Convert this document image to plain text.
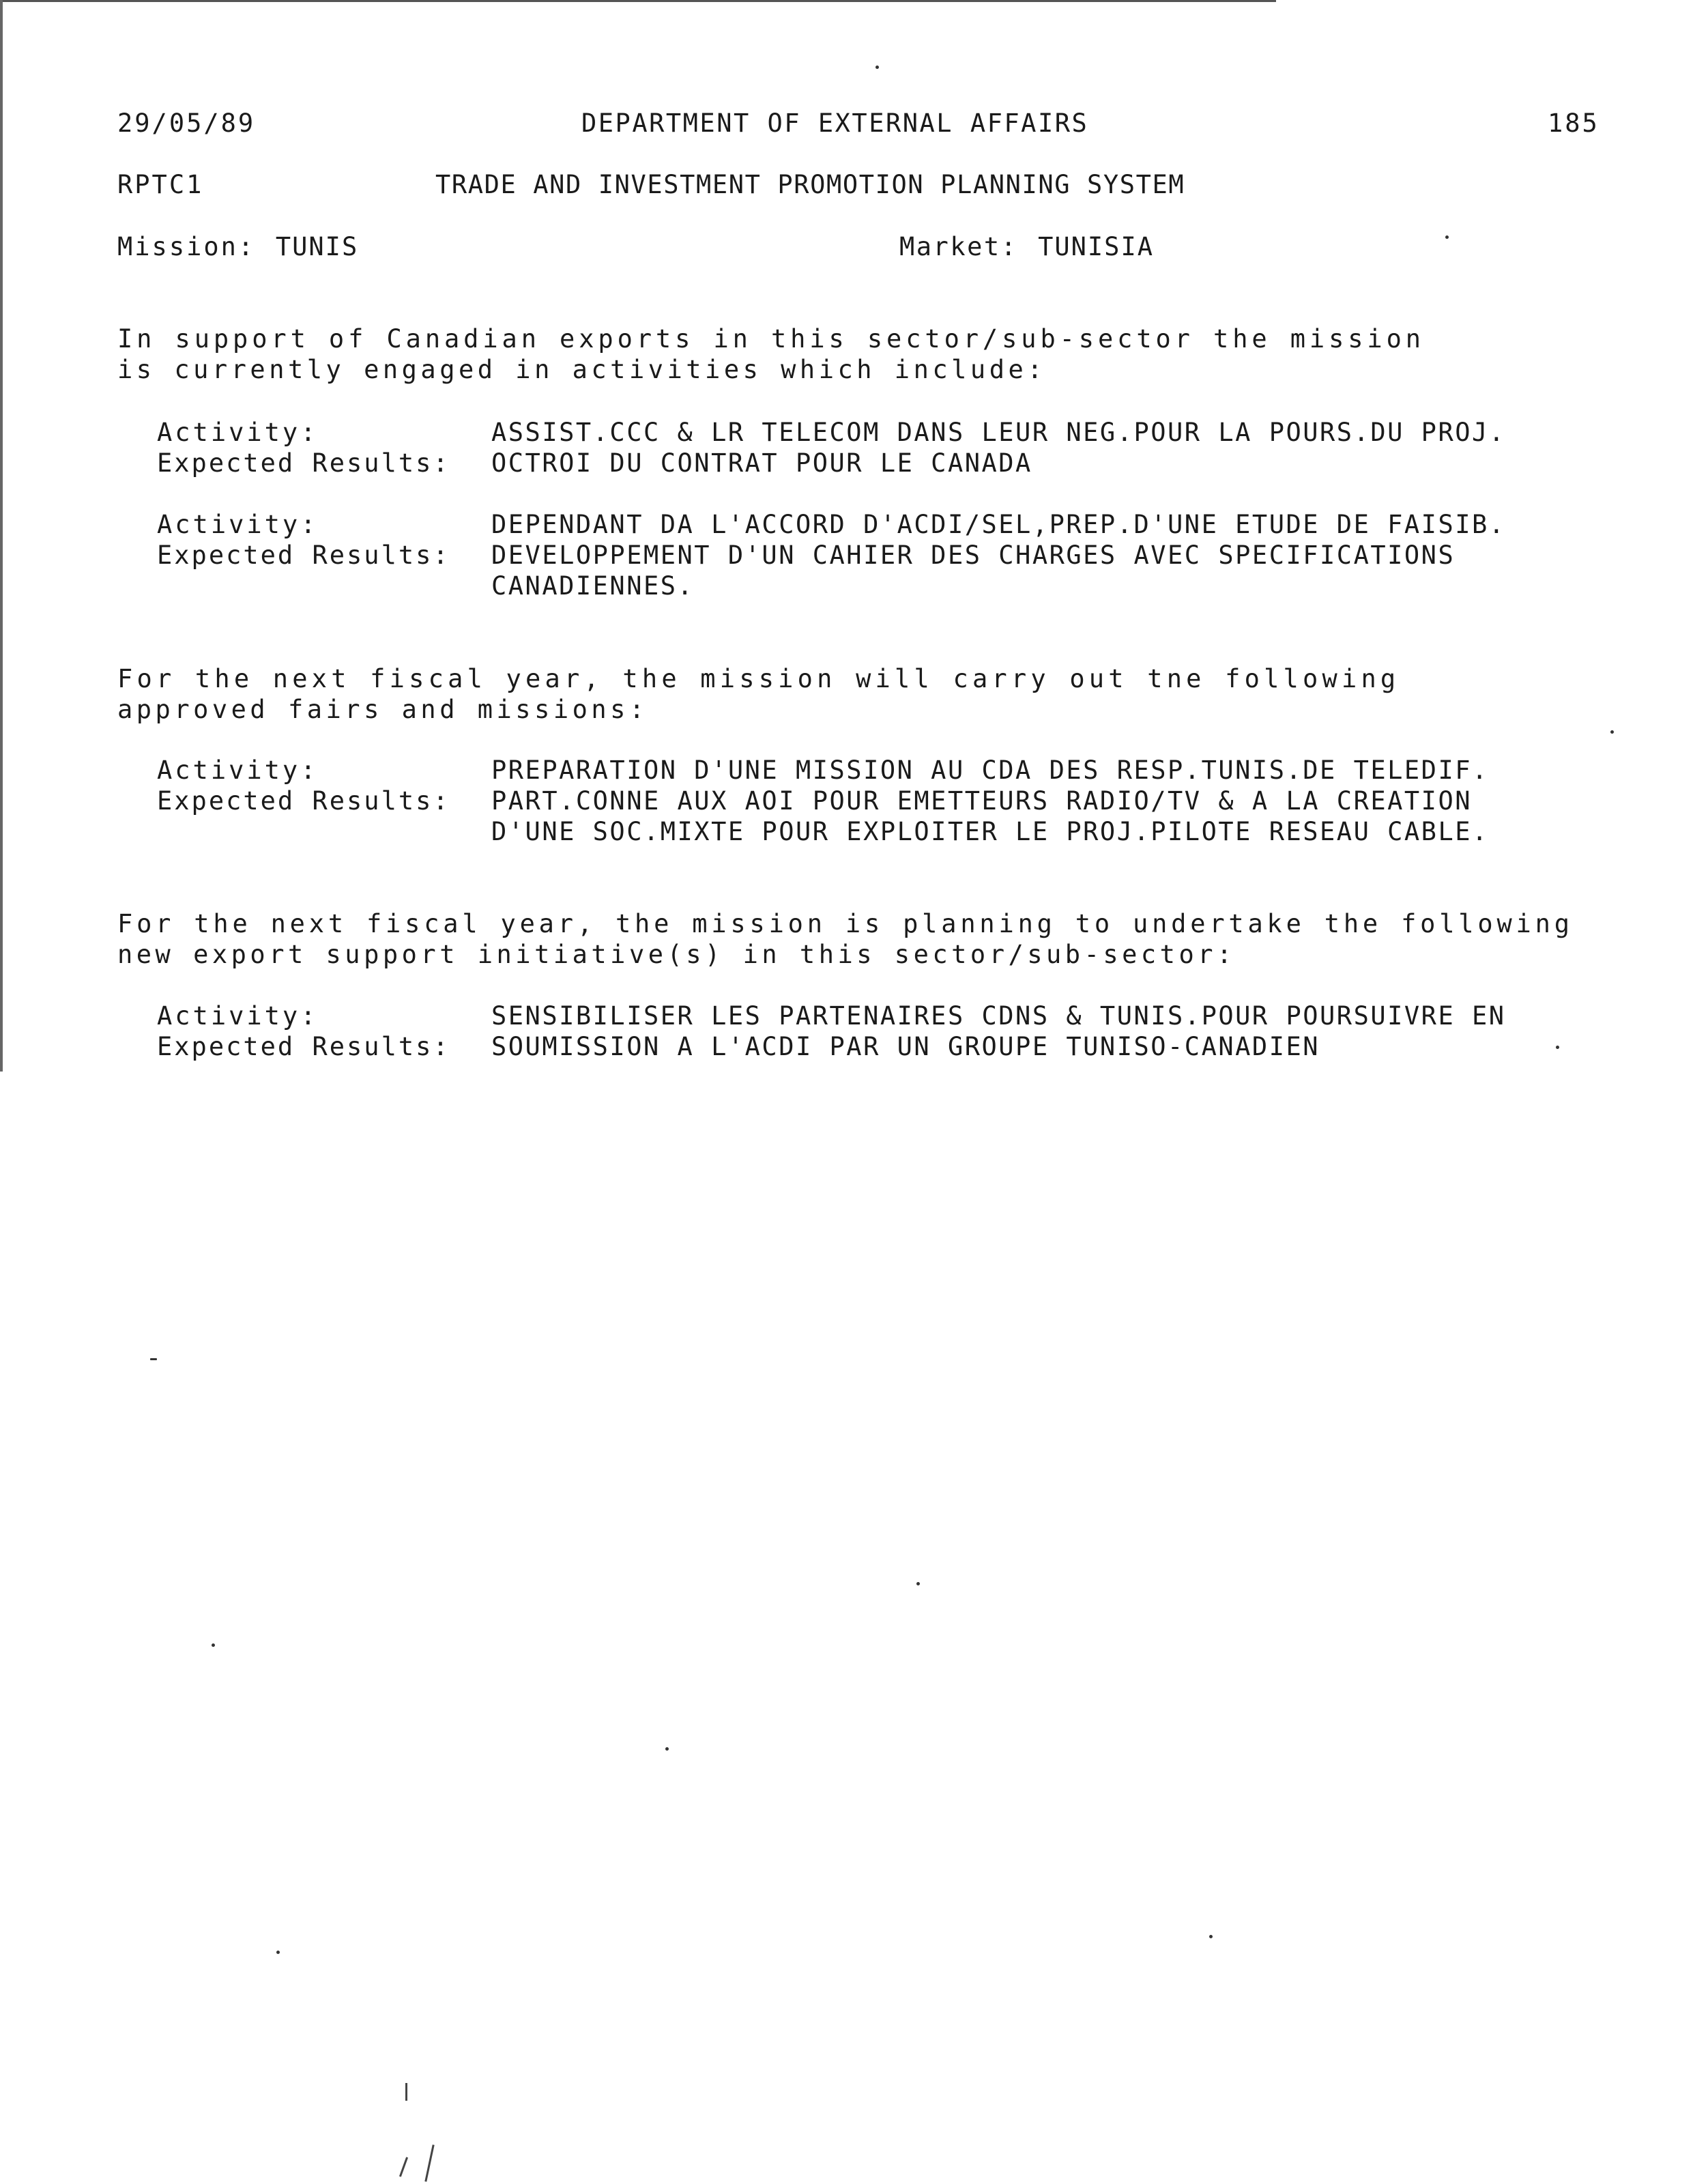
29/05/89	DEPARTMENT OF EXTERNAL AFFAIRS	185
RPTC1	TRADE AND INVESTMENT PROMOTION PLANNING SYSTEM
Mission: TUNIS	Market: TUNISIA
In support of Canadian exports in this sector/sub-sector the mission
is currently engaged in activities which include:
Activity:	ASSIST.CCC & LR TELECOM DANS LEUR NEG.POUR LA POURS.DU PROJ.
Expected Results: OCTROI DU CONTRAT POUR LE CANADA
Activity:	DEPENDANT DA L'ACCORD D'ACDI/SEL,PREP.D'UNE ETUDE DE FAISIB.
Expected Results: DEVELOPPEMENT D'UN CAHIER DES CHARGES AVEC SPECIFICATIONS
CANADIENNES.
For the next fiscal year, the mission will carry out tne following
approved fairs and missions:
Activity:	PREPARATION D'UNE MISSION AU CDA DES RESP.TUNIS.DE TELEDIF.
Expected Results: PART.CONNE AUX AOI POUR EMETTEURS RADIO/TV & A LA CREATION
D'UNE SOC.MIXTE POUR EXPLOITER LE PROJ.PILOTE RESEAU CABLE.
For the next fiscal year, the mission is planning to undertake the following
new export support initiative(s) in this sector/sub-sector:
Activity:	SENSIBILISER LES PARTENAIRES CDNS & TUNIS.POUR POURSUIVRE EN
Expected Results: SOUMISSION A L'ACDI PAR UN GROUPE TUNISO-CANADIEN
